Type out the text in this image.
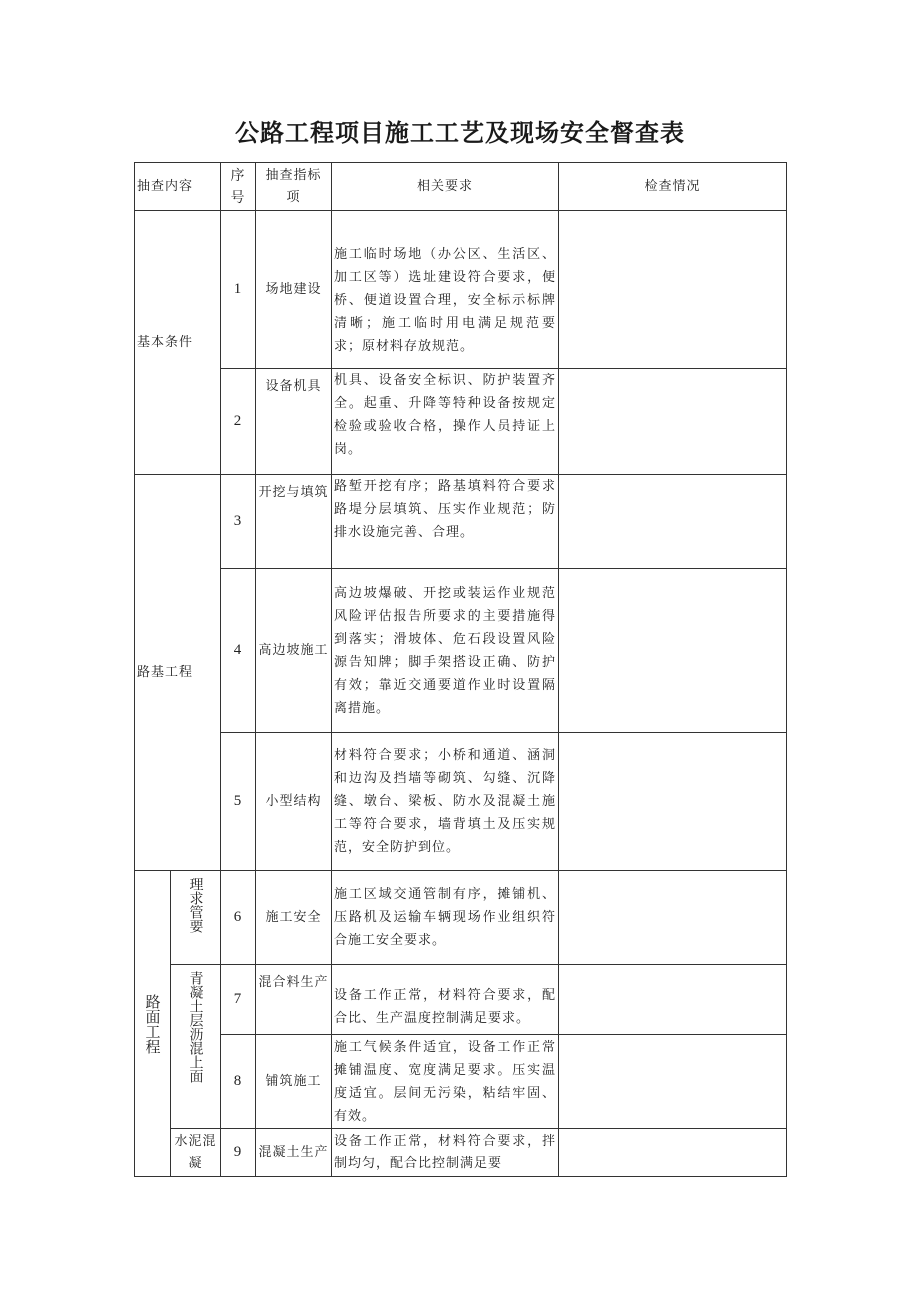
公路工程项目施工工艺及现场安全督查表
抽查内容		序号	抽查指标项	相关要求	检查情况
基本条件		1	场地建设	施工临时场地（办公区、生活区、加工区等）选址建设符合要求，便桥、便道设置合理，安全标示标牌清晰；施工临时用电满足规范要求；原材料存放规范。	
		2	设备机具	机具、设备安全标识、防护装置齐全。起重、升降等特种设备按规定检验或验收合格，操作人员持证上岗。	
路基工程		3	开挖与填筑	路堑开挖有序；路基填料符合要求路堤分层填筑、压实作业规范；防排水设施完善、合理。	
		4	高边坡施工	高边坡爆破、开挖或装运作业规范风险评估报告所要求的主要措施得到落实；滑坡体、危石段设置风险源告知牌；脚手架搭设正确、防护有效；靠近交通要道作业时设置隔离措施。	
		5	小型结构	材料符合要求；小桥和通道、涵洞和边沟及挡墙等砌筑、勾缝、沉降缝、墩台、梁板、防水及混凝土施工等符合要求，墙背填土及压实规范，安全防护到位。	

路面工程	理求管要	6	施工安全	施工区域交通管制有序，摊铺机、压路机及运输车辆现场作业组织符合施工安全要求。	

	青凝土层沥混上面	7	混合料生产	设备工作正常，材料符合要求，配合比、生产温度控制满足要求。	
		8	铺筑施工	施工气候条件适宜，设备工作正常摊铺温度、宽度满足要求。压实温度适宜。层间无污染，粘结牢固、有效。	
	水泥混凝	9	混凝土生产	设备工作正常，材料符合要求，拌制均匀，配合比控制满足要	
